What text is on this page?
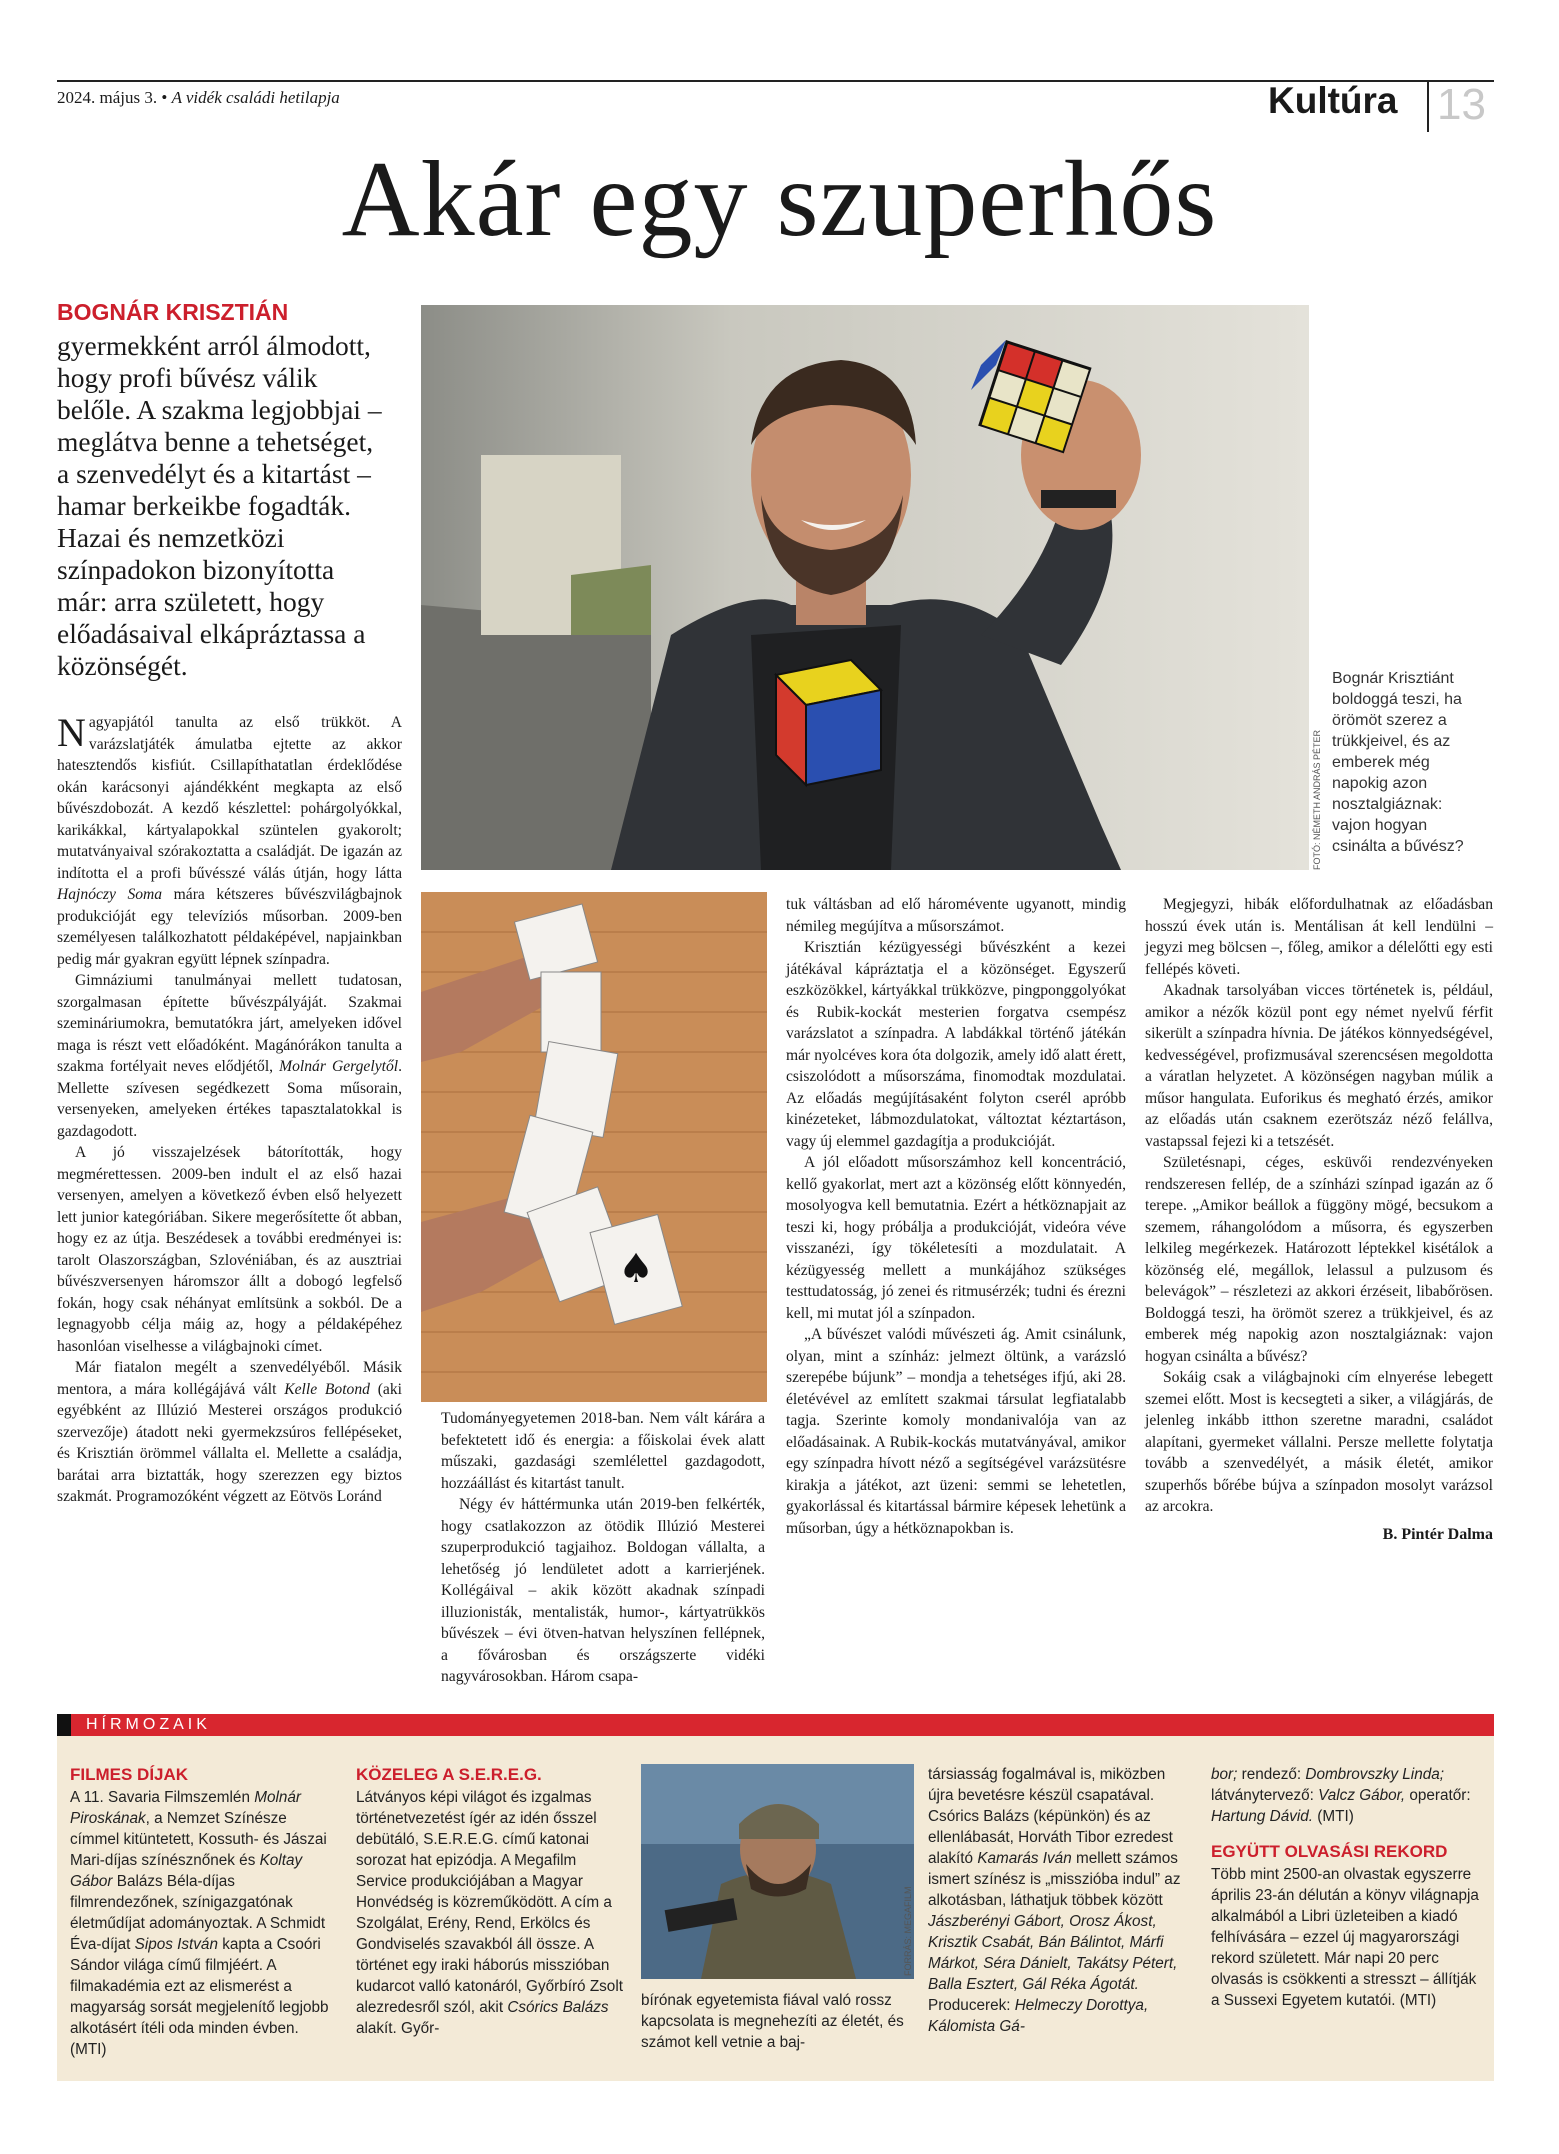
2024. május 3. • A vidék családi hetilapja	Kultúra 13
Akár egy szuperhős
BOGNÁR KRISZTIÁN
gyermekként arról álmodott, hogy profi bűvész válik belőle. A szakma legjobbjai – meglátva benne a tehetséget, a szenvedélyt és a kitartást – hamar berkeikbe fogadták. Hazai és nemzetközi színpadokon bizonyította már: arra született, hogy előadásaival elkápráztassa a közönségét.
FOTÓ: NÉMETH ANDRÁS PÉTER
Bognár Krisztiánt boldoggá teszi, ha örömöt szerez a trükkjeivel, és az emberek még napokig azon nosztalgiáznak: vajon hogyan csinálta a bűvész?
♠

Nagyapjától tanulta az első trükköt. A varázslatjáték ámulatba ejtette az akkor hatesztendős kisfiút. Csillapíthatatlan érdeklődése okán karácsonyi ajándékként megkapta az első bűvészdobozát. A kezdő készlettel: pohárgolyókkal, karikákkal, kártyalapokkal szüntelen gyakorolt; mutatványaival szórakoztatta a családját. De igazán az indította el a profi bűvésszé válás útján, hogy látta Hajnóczy Soma mára kétszeres bűvészvilágbajnok produkcióját egy televíziós műsorban. 2009-ben személyesen találkozhatott példaképével, napjainkban pedig már gyakran együtt lépnek színpadra.

Gimnáziumi tanulmányai mellett tudatosan, szorgalmasan építette bűvészpályáját. Szakmai szemináriumokra, bemutatókra járt, amelyeken idővel maga is részt vett előadóként. Magánórákon tanulta a szakma fortélyait neves elődjétől, Molnár Gergelytől. Mellette szívesen segédkezett Soma műsorain, versenyeken, amelyeken értékes tapasztalatokkal is gazdagodott.

A jó visszajelzések bátorították, hogy megmérettessen. 2009-ben indult el az első hazai versenyen, amelyen a következő évben első helyezett lett junior kategóriában. Sikere megerősítette őt abban, hogy ez az útja. Beszédesek a további eredményei is: tarolt Olaszországban, Szlovéniában, és az ausztriai bűvészversenyen háromszor állt a dobogó legfelső fokán, hogy csak néhányat említsünk a sokból. De a legnagyobb célja máig az, hogy a példaképéhez hasonlóan viselhesse a világbajnoki címet.

Már fiatalon megélt a szenvedélyéből. Másik mentora, a mára kollégájává vált Kelle Botond (aki egyébként az Illúzió Mesterei országos produkció szervezője) átadott neki gyermekzsúros fellépéseket, és Krisztián örömmel vállalta el. Mellette a családja, barátai arra biztatták, hogy szerezzen egy biztos szakmát. Programozóként végzett az Eötvös Loránd

Tudományegyetemen 2018-ban. Nem vált kárára a befektetett idő és energia: a főiskolai évek alatt műszaki, gazdasági szemlélettel gazdagodott, hozzáállást és kitartást tanult.

Négy év háttérmunka után 2019-ben felkérték, hogy csatlakozzon az ötödik Illúzió Mesterei szuperprodukció tagjaihoz. Boldogan vállalta, a lehetőség jó lendületet adott a karrierjének. Kollégáival – akik között akadnak színpadi illuzionisták, mentalisták, humor-, kártyatrükkös bűvészek – évi ötven-hatvan helyszínen fellépnek, a fővárosban és országszerte vidéki nagyvárosokban. Három csapa-

tuk váltásban ad elő háromévente ugyanott, mindig némileg megújítva a műsorszámot.

Krisztián kézügyességi bűvészként a kezei játékával kápráztatja el a közönséget. Egyszerű eszközökkel, kártyákkal trükközve, pingponggolyókat és Rubik-kockát mesterien forgatva csempész varázslatot a színpadra. A labdákkal történő játékán már nyolcéves kora óta dolgozik, amely idő alatt érett, csiszolódott a műsorszáma, finomodtak mozdulatai. Az előadás megújításaként folyton cserél apróbb kinézeteket, lábmozdulatokat, változtat kéztartáson, vagy új elemmel gazdagítja a produkcióját.

A jól előadott műsorszámhoz kell koncentráció, kellő gyakorlat, mert azt a közönség előtt könnyedén, mosolyogva kell bemutatnia. Ezért a hétköznapjait az teszi ki, hogy próbálja a produkcióját, videóra véve visszanézi, így tökéletesíti a mozdulatait. A kézügyesség mellett a munkájához szükséges testtudatosság, jó zenei és ritmusérzék; tudni és érezni kell, mi mutat jól a színpadon.

„A bűvészet valódi művészeti ág. Amit csinálunk, olyan, mint a színház: jelmezt öltünk, a varázsló szerepébe bújunk” – mondja a tehetséges ifjú, aki 28. életévével az említett szakmai társulat legfiatalabb tagja. Szerinte komoly mondanivalója van az előadásainak. A Rubik-kockás mutatványával, amikor egy színpadra hívott néző a segítségével varázsütésre kirakja a játékot, azt üzeni: semmi se lehetetlen, gyakorlással és kitartással bármire képesek lehetünk a műsorban, úgy a hétköznapokban is.

Megjegyzi, hibák előfordulhatnak az előadásban hosszú évek után is. Mentálisan át kell lendülni – jegyzi meg bölcsen –, főleg, amikor a délelőtti egy esti fellépés követi.

Akadnak tarsolyában vicces történetek is, például, amikor a nézők közül pont egy német nyelvű férfit sikerült a színpadra hívnia. De játékos könnyedségével, kedvességével, profizmusával szerencsésen megoldotta a váratlan helyzetet. A közönségen nagyban múlik a műsor hangulata. Euforikus és megható érzés, amikor az előadás után csaknem ezerötszáz néző felállva, vastapssal fejezi ki a tetszését.

Születésnapi, céges, esküvői rendezvényeken rendszeresen fellép, de a színházi színpad igazán az ő terepe. „Amikor beállok a függöny mögé, becsukom a szemem, ráhangolódom a műsorra, és egyszerben lelkileg megérkezek. Határozott léptekkel kisétálok a közönség elé, megállok, lelassul a pulzusom és belevágok” – részletezi az akkori érzéseit, libabőrösen. Boldoggá teszi, ha örömöt szerez a trükkjeivel, és az emberek még napokig azon nosztalgiáznak: vajon hogyan csinálta a bűvész?

Sokáig csak a világbajnoki cím elnyerése lebegett szemei előtt. Most is kecsegteti a siker, a világjárás, de jelenleg inkább itthon szeretne maradni, családot alapítani, gyermeket vállalni. Persze mellette folytatja tovább a szenvedélyét, a másik életét, amikor szuperhős bőrébe bújva a színpadon mosolyt varázsol az arcokra.

B. Pintér Dalma
HÍRMOZAIK
FILMES DÍJAK

A 11. Savaria Filmszemlén Molnár Piroskának, a Nemzet Színésze címmel kitüntetett, Kossuth- és Jászai Mari-díjas színésznőnek és Koltay Gábor Balázs Béla-díjas filmrendezőnek, színigazgatónak életműdíjat adományoztak. A Schmidt Éva-díjat Sipos István kapta a Csoóri Sándor világa című filmjéért. A filmakadémia ezt az elismerést a magyarság sorsát megjelenítő legjobb alkotásért ítéli oda minden évben. (MTI)

KÖZELEG A S.E.R.E.G.

Látványos képi világot és izgalmas történetvezetést ígér az idén ősszel debütáló, S.E.R.E.G. című katonai sorozat hat epizódja. A Megafilm Service produkciójában a Magyar Honvédség is közreműködött. A cím a Szolgálat, Erény, Rend, Erkölcs és Gondviselés szavakból áll össze. A történet egy iraki háborús misszióban kudarcot valló katonáról, Győrbíró Zsolt alezredesről szól, akit Csórics Balázs alakít. Győr-

FORRÁS: MEGAFILM
bírónak egyetemista fiával való rossz kapcsolata is megnehezíti az életét, és számot kell vetnie a baj-

társiasság fogalmával is, miközben újra bevetésre készül csapatával. Csórics Balázs (képünkön) és az ellenlábasát, Horváth Tibor ezredest alakító Kamarás Iván mellett számos ismert színész is „misszióba indul” az alkotásban, láthatjuk többek között Jászberényi Gábort, Orosz Ákost, Krisztik Csabát, Bán Bálintot, Márfi Márkot, Séra Dánielt, Takátsy Pétert, Balla Esztert, Gál Réka Ágotát. Producerek: Helmeczy Dorottya, Kálomista Gá-

bor; rendező: Dombrovszky Linda; látványtervező: Valcz Gábor, operatőr: Hartung Dávid. (MTI)

EGYÜTT OLVASÁSI REKORD

Több mint 2500-an olvastak egyszerre április 23-án délután a könyv világnapja alkalmából a Libri üzleteiben a kiadó felhívására – ezzel új magyarországi rekord született. Már napi 20 perc olvasás is csökkenti a stresszt – állítják a Sussexi Egyetem kutatói. (MTI)
